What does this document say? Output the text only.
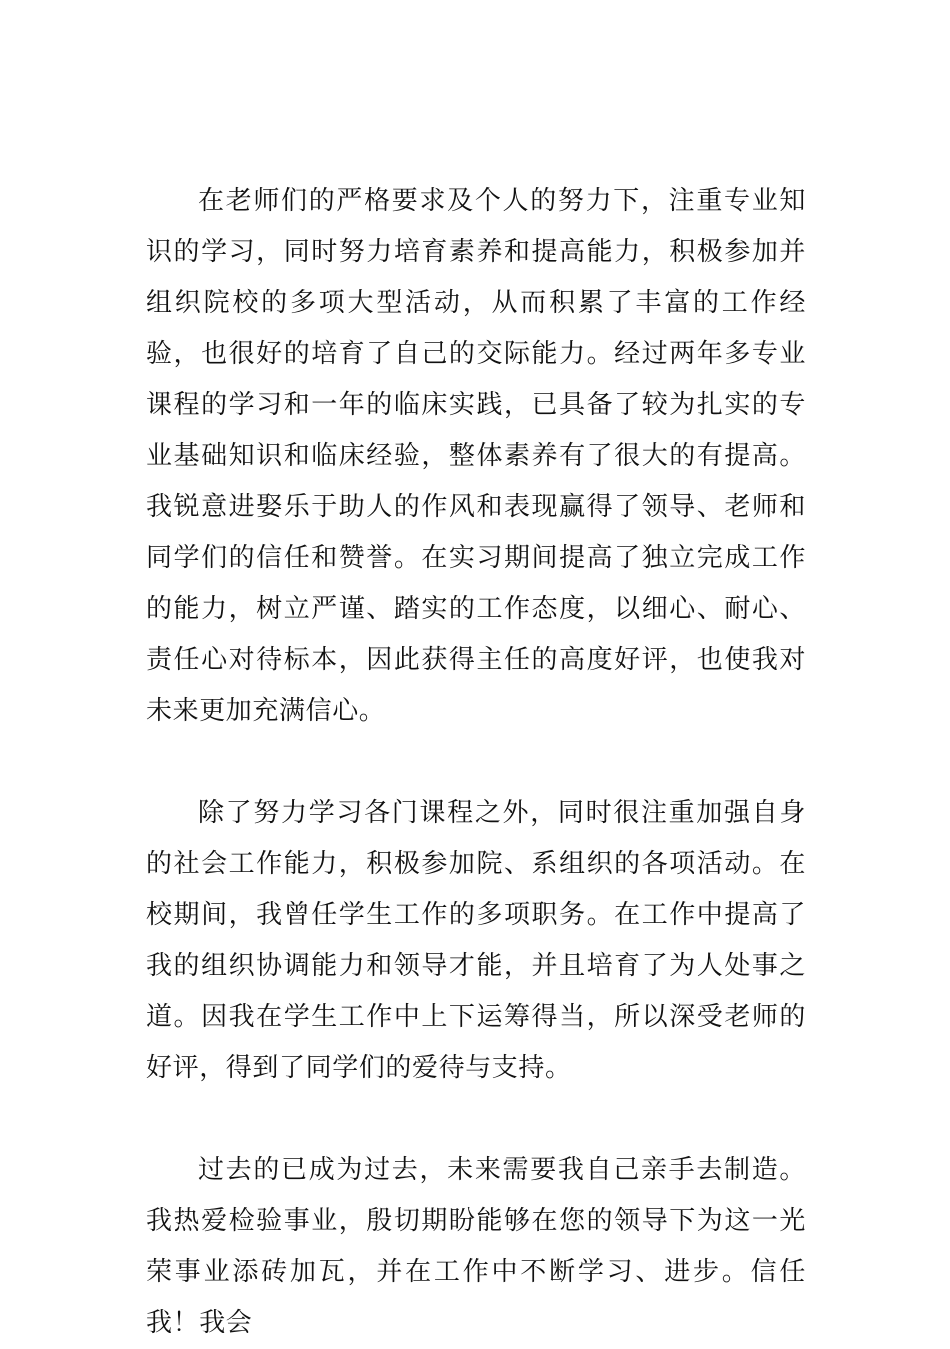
在老师们的严格要求及个人的努力下，注重专业知识的学习，同时努力培育素养和提高能力，积极参加并组织院校的多项大型活动，从而积累了丰富的工作经验，也很好的培育了自己的交际能力。经过两年多专业课程的学习和一年的临床实践，已具备了较为扎实的专业基础知识和临床经验，整体素养有了很大的有提高。我锐意进娶乐于助人的作风和表现赢得了领导、老师和同学们的信任和赞誉。在实习期间提高了独立完成工作的能力，树立严谨、踏实的工作态度，以细心、耐心、责任心对待标本，因此获得主任的高度好评，也使我对未来更加充满信心。

除了努力学习各门课程之外，同时很注重加强自身的社会工作能力，积极参加院、系组织的各项活动。在校期间，我曾任学生工作的多项职务。在工作中提高了我的组织协调能力和领导才能，并且培育了为人处事之道。因我在学生工作中上下运筹得当，所以深受老师的好评，得到了同学们的爱待与支持。

过去的已成为过去，未来需要我自己亲手去制造。我热爱检验事业，殷切期盼能够在您的领导下为这一光荣事业添砖加瓦，并在工作中不断学习、进步。信任我！我会
